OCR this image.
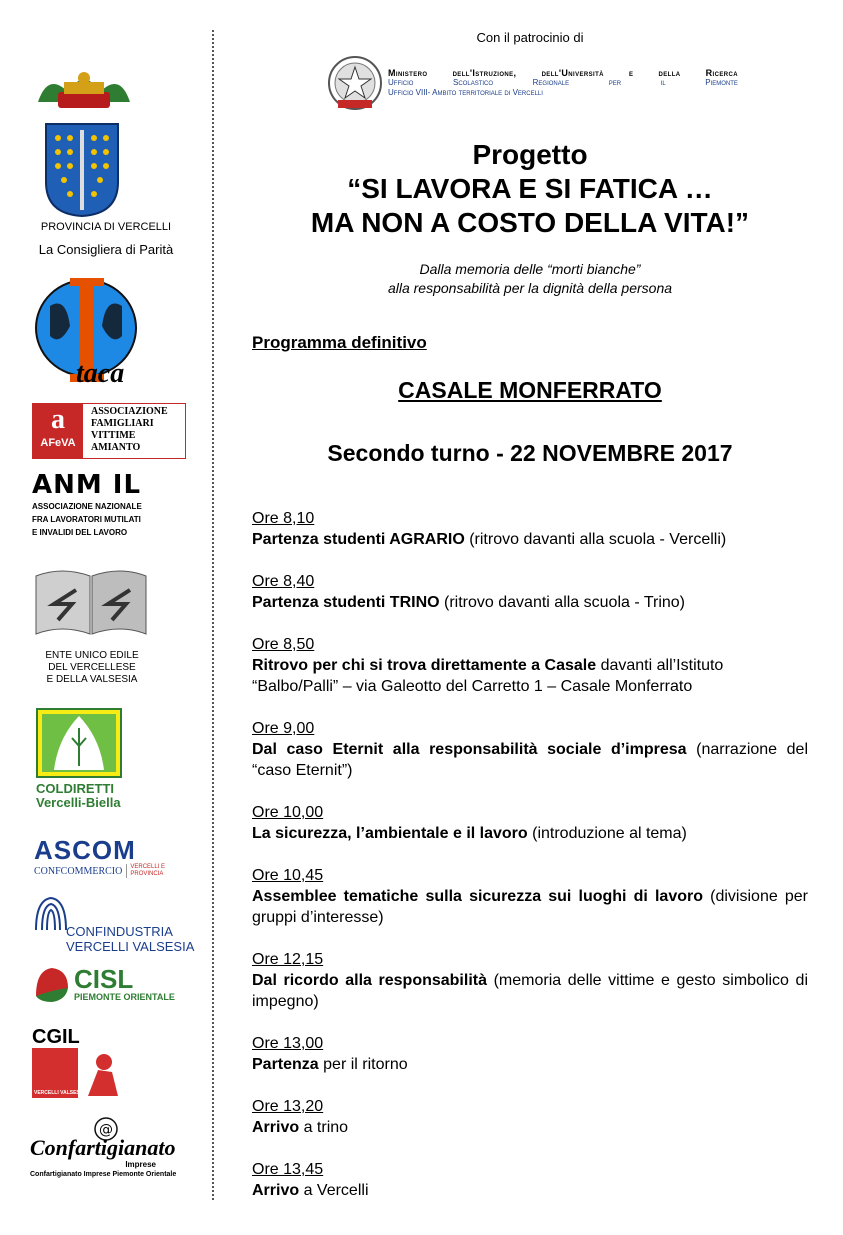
PROVINCIA DI VERCELLI
La Consigliera di Parità
taca
a
AFeVA
ASSOCIAZIONE
FAMIGLIARI
VITTIME
AMIANTO
ANM IL
ASSOCIAZIONE NAZIONALE
FRA LAVORATORI MUTILATI
E INVALIDI DEL LAVORO
ENTE UNICO EDILE
DEL VERCELLESE
E DELLA VALSESIA
COLDIRETTI
Vercelli-Biella
ASCOM
CONFCOMMERCIO	VERCELLI E PROVINCIA
CONFINDUSTRIA
VERCELLI VALSESIA
CISL
PIEMONTE ORIENTALE
CGIL
VERCELLI VALSESIA
@
Confartigianato
Imprese
Confartigianato Imprese Piemonte Orientale
Con il patrocinio di
Ministero	dell'Istruzione,	dell'Università	e	della	Ricerca
Ufficio	Scolastico	Regionale	per	il	Piemonte
Ufficio VIII- Ambito territoriale di Vercelli
Progetto
“SI LAVORA E SI FATICA …
MA NON A COSTO DELLA VITA!”
Dalla memoria delle “morti bianche”
alla responsabilità per la dignità della persona
Programma definitivo
CASALE MONFERRATO
Secondo turno - 22 NOVEMBRE 2017
Ore 8,10
Partenza studenti AGRARIO (ritrovo davanti alla scuola - Vercelli)
Ore 8,40
Partenza studenti TRINO (ritrovo davanti alla scuola - Trino)
Ore 8,50
Ritrovo per chi si trova direttamente a Casale davanti all’Istituto “Balbo/Palli” – via Galeotto del Carretto 1 – Casale Monferrato
Ore 9,00
Dal caso Eternit alla responsabilità sociale d’impresa (narrazione del “caso Eternit”)
Ore 10,00
La sicurezza, l’ambientale e il lavoro (introduzione al tema)
Ore 10,45
Assemblee tematiche sulla sicurezza sui luoghi di lavoro (divisione per gruppi d’interesse)
Ore 12,15
Dal ricordo alla responsabilità (memoria delle vittime e gesto simbolico di impegno)
Ore 13,00
Partenza per il ritorno
Ore 13,20
Arrivo a trino
Ore 13,45
Arrivo a Vercelli
